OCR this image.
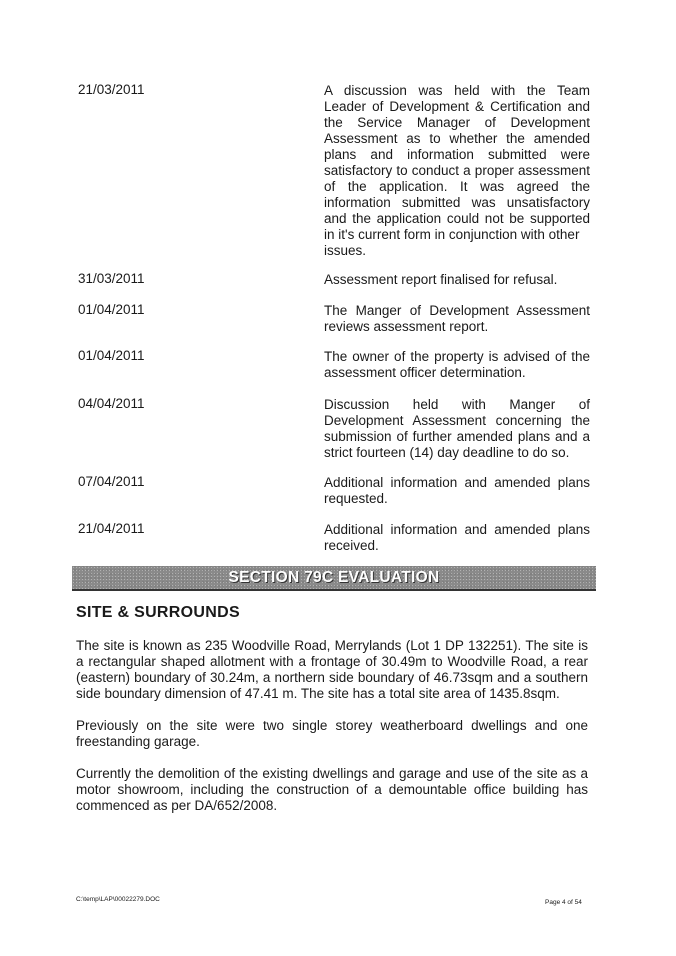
21/03/2011	A discussion was held with the Team
Leader of Development & Certification and
the Service Manager of Development
Assessment as to whether the amended
plans and information submitted were
satisfactory to conduct a proper assessment
of the application. It was agreed the
information submitted was unsatisfactory
and the application could not be supported
in it's current form in conjunction with other
issues.
31/03/2011	Assessment report finalised for refusal.
01/04/2011	The Manger of Development Assessment
reviews assessment report.
01/04/2011	The owner of the property is advised of the
assessment officer determination.
04/04/2011	Discussion held with Manger of
Development Assessment concerning the
submission of further amended plans and a
strict fourteen (14) day deadline to do so.
07/04/2011	Additional information and amended plans
requested.
21/04/2011	Additional information and amended plans
received.
SECTION 79C EVALUATION
SITE & SURROUNDS
The site is known as 235 Woodville Road, Merrylands (Lot 1 DP 132251). The site is
a rectangular shaped allotment with a frontage of 30.49m to Woodville Road, a rear
(eastern) boundary of 30.24m, a northern side boundary of 46.73sqm and a southern
side boundary dimension of 47.41 m. The site has a total site area of 1435.8sqm.
Previously on the site were two single storey weatherboard dwellings and one
freestanding garage.
Currently the demolition of the existing dwellings and garage and use of the site as a
motor showroom, including the construction of a demountable office building has
commenced as per DA/652/2008.
C:\temp\LAP\00022279.DOC	Page 4 of 54
